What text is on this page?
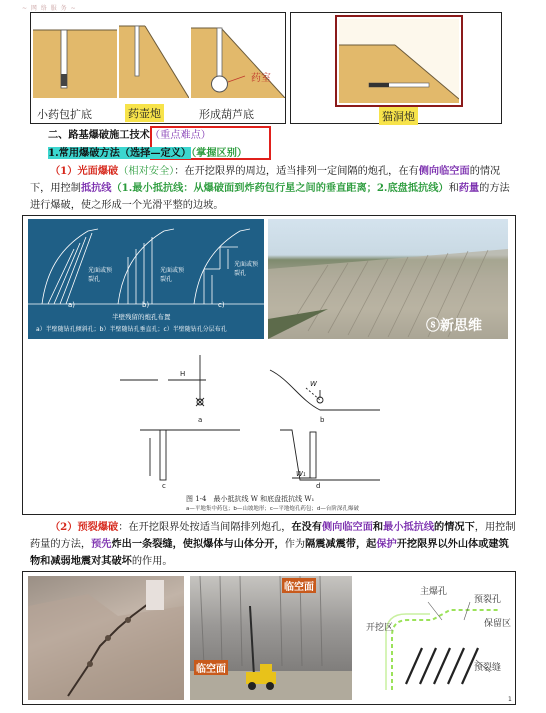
~ 网 络 服 务 ~
药室
小药包扩底	药壶炮	形成葫芦底	猫洞炮
二、路基爆破施工技术（重点难点）
1.常用爆破方法（选择—定义）（掌握区别）
（1）光面爆破（相对安全）：在开挖限界的周边，适当排列一定间隔的炮孔，在有侧向临空面的情况下，用控制抵抗线（1.最小抵抗线：从爆破面到炸药包行星之间的垂直距离；2.底盘抵抗线）和药量的方法进行爆破，使之形成一个光滑平整的边坡。
光面或预裂孔
光面或预裂孔
光面或预裂孔
a)	b)	c)
半壁残留的炮孔布置
a）半壁随钻孔倾斜孔；b）半壁随钻孔垂直孔；c）半壁随钻孔分层布孔	ⓢ新思维
H
W
W₁
a	b
c	d
图 1-4　最小抵抗线 W 和底盘抵抗线 W₁
a—平地集中药包；b—山坡地形；c—平地炮孔药包；d—台阶深孔爆破
（2）预裂爆破：在开挖限界处按适当间隔排列炮孔，在没有侧向临空面和最小抵抗线的情况下，用控制药量的方法，预先炸出一条裂缝，使拟爆体与山体分开，作为隔震减震带，起保护开挖限界以外山体或建筑物和减弱地震对其破坏的作用。
临空面
临空面
主爆孔
预裂孔
开挖区	保留区
预裂缝
1
